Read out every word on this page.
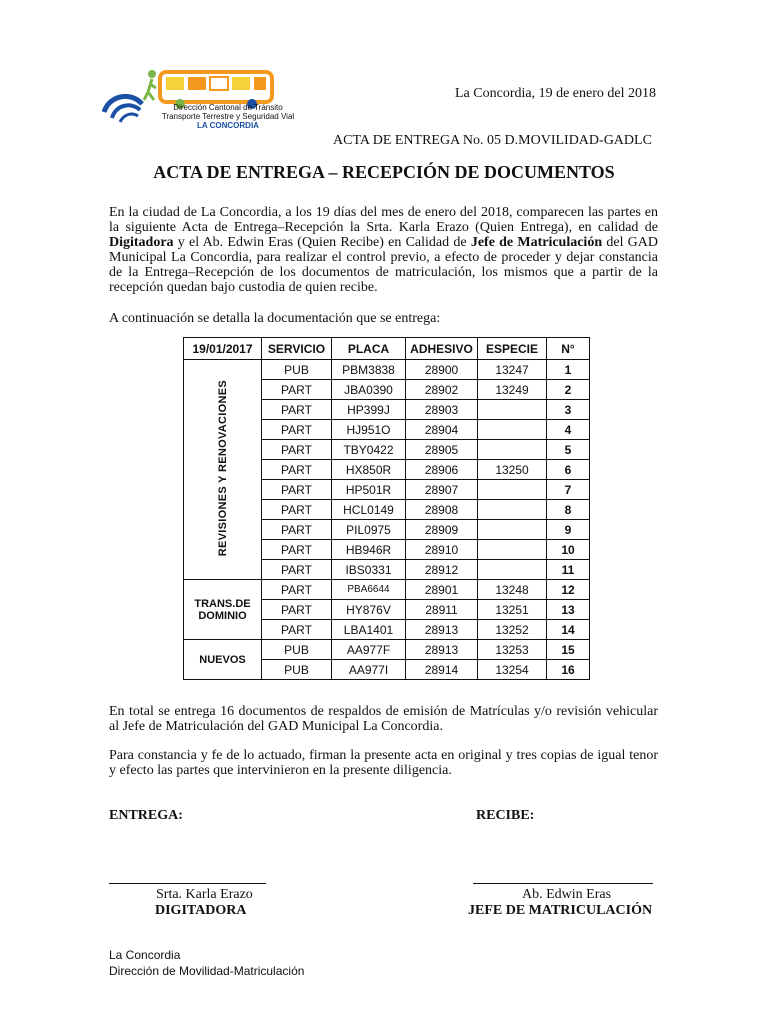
Dirección Cantonal de Tránsito
Transporte Terrestre y Seguridad Vial
LA CONCORDIA
La Concordia, 19 de enero del 2018
ACTA DE ENTREGA No. 05 D.MOVILIDAD-GADLC
ACTA DE ENTREGA – RECEPCIÓN DE DOCUMENTOS
En la ciudad de La Concordia, a los 19 días del mes de enero del 2018, comparecen las partes en la siguiente Acta de Entrega–Recepción la Srta. Karla Erazo (Quien Entrega), en calidad de Digitadora y el Ab. Edwin Eras (Quien Recibe) en Calidad de Jefe de Matriculación del GAD Municipal La Concordia, para realizar el control previo, a efecto de proceder y dejar constancia de la Entrega–Recepción de los documentos de matriculación, los mismos que a partir de la recepción quedan bajo custodia de quien recibe.
A continuación se detalla la documentación que se entrega:
19/01/2017	SERVICIO	PLACA	ADHESIVO	ESPECIE	N°
REVISIONES Y RENOVACIONES	PUB	PBM3838	28900	13247	1
	PART	JBA0390	28902	13249	2
	PART	HP399J	28903		3
	PART	HJ951O	28904		4
	PART	TBY0422	28905		5
	PART	HX850R	28906	13250	6
	PART	HP501R	28907		7
	PART	HCL0149	28908		8
	PART	PIL0975	28909		9
	PART	HB946R	28910		10
	PART	IBS0331	28912		11
TRANS.DE DOMINIO	PART	PBA6644	28901	13248	12
	PART	HY876V	28911	13251	13
	PART	LBA1401	28913	13252	14
NUEVOS	PUB	AA977F	28913	13253	15
	PUB	AA977I	28914	13254	16
En total se entrega 16 documentos de respaldos de emisión de Matrículas y/o revisión vehicular al Jefe de Matriculación del GAD Municipal La Concordia.
Para constancia y fe de lo actuado, firman la presente acta en original y tres copias de igual tenor y efecto las partes que intervinieron en la presente diligencia.
ENTREGA:	RECIBE:
Srta. Karla Erazo	Ab. Edwin Eras
DIGITADORA	JEFE DE MATRICULACIÓN
La Concordia
Dirección de Movilidad-Matriculación
